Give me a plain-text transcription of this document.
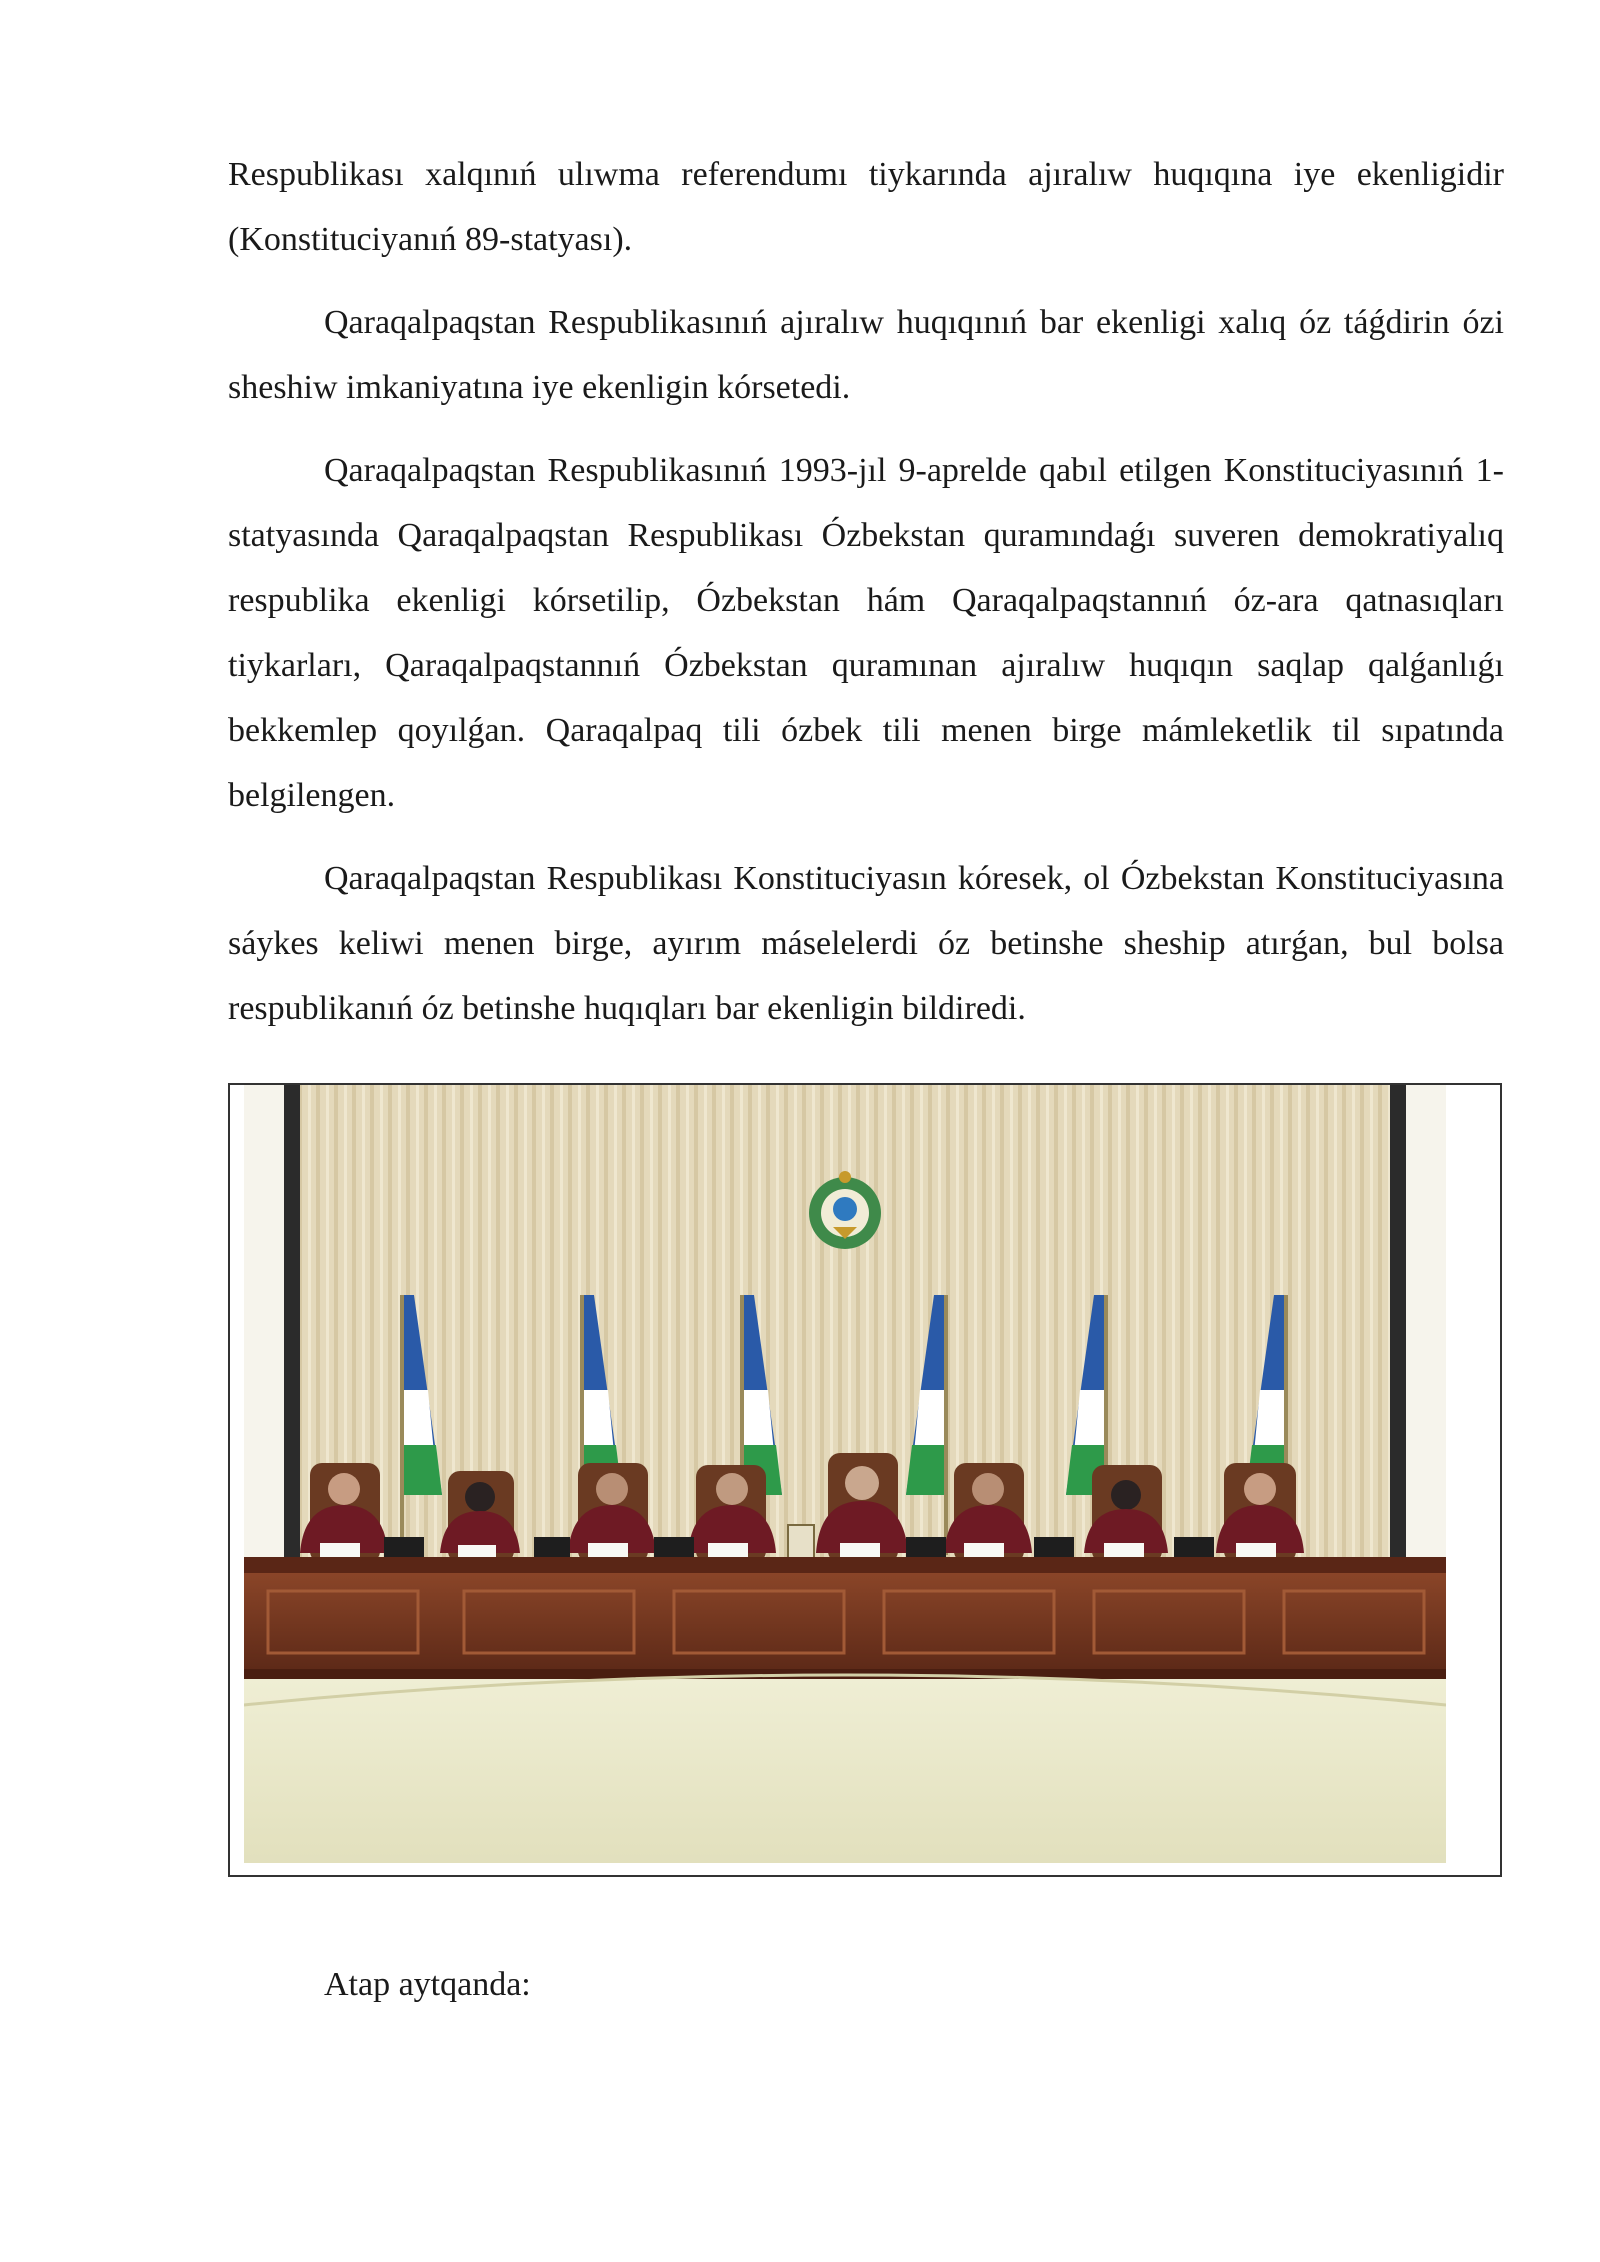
Respublikası xalqınıń ulıwma referendumı tiykarında ajıralıw huqıqına iye ekenligidir (Konstituciyanıń 89-statyası).

Qaraqalpaqstan Respublikasınıń ajıralıw huqıqınıń bar ekenligi xalıq óz táǵdirin ózi sheshiw imkaniyatına iye ekenligin kórsetedi.

Qaraqalpaqstan Respublikasınıń 1993-jıl 9-aprelde qabıl etilgen Konstituciyasınıń 1-statyasında Qaraqalpaqstan Respublikası Ózbekstan quramındaǵı suveren demokratiyalıq respublika ekenligi kórsetilip, Ózbekstan hám Qaraqalpaqstannıń óz-ara qatnasıqları tiykarları, Qaraqalpaqstannıń Ózbekstan quramınan ajıralıw huqıqın saqlap qalǵanlıǵı bekkemlep qoyılǵan. Qaraqalpaq tili ózbek tili menen birge mámleketlik til sıpatında belgilengen.

Qaraqalpaqstan Respublikası Konstituciyasın kóresek, ol Ózbekstan Konstituciyasına sáykes keliwi menen birge, ayırım máselelerdi óz betinshe sheship atırǵan, bul bolsa respublikanıń óz betinshe huqıqları bar ekenligin bildiredi.

Atap aytqanda:
